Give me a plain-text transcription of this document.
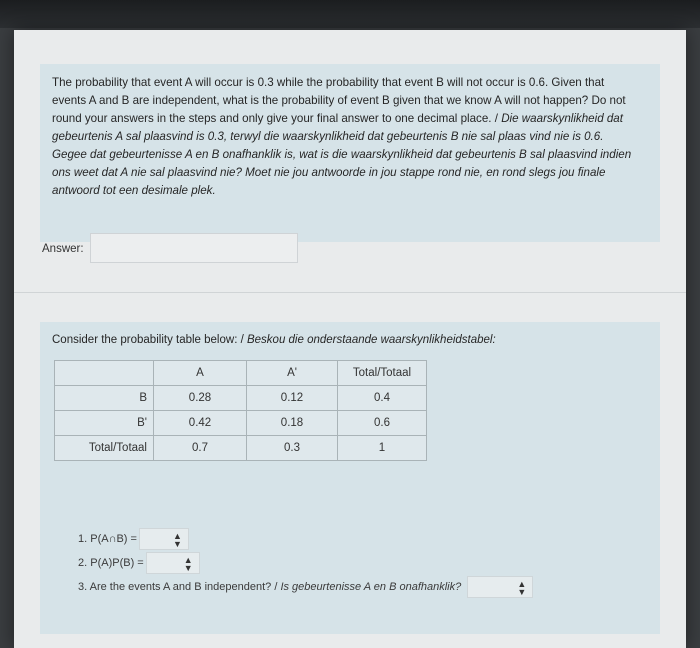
The probability that event A will occur is 0.3 while the probability that event B will not occur is 0.6. Given that
events A and B are independent, what is the probability of event B given that we know A will not happen? Do not
round your answers in the steps and only give your final answer to one decimal place. / Die waarskynlikheid dat
gebeurtenis A sal plaasvind is 0.3, terwyl die waarskynlikheid dat gebeurtenis B nie sal plaas vind nie is 0.6.
Gegee dat gebeurtenisse A en B onafhanklik is, wat is die waarskynlikheid dat gebeurtenis B sal plaasvind indien
ons weet dat A nie sal plaasvind nie? Moet nie jou antwoorde in jou stappe rond nie, en rond slegs jou finale
antwoord tot een desimale plek.

Answer:
Consider the probability table below: / Beskou die onderstaande waarskynlikheidstabel:
	A	A'	Total/Totaal
B	0.28	0.12	0.4
B'	0.42	0.18	0.6
Total/Totaal	0.7	0.3	1
1. P(A∩B) =	▲
▼
2. P(A)P(B) =	▲
▼
3. Are the events A and B independent? / Is gebeurtenisse A en B onafhanklik?	▲
▼
